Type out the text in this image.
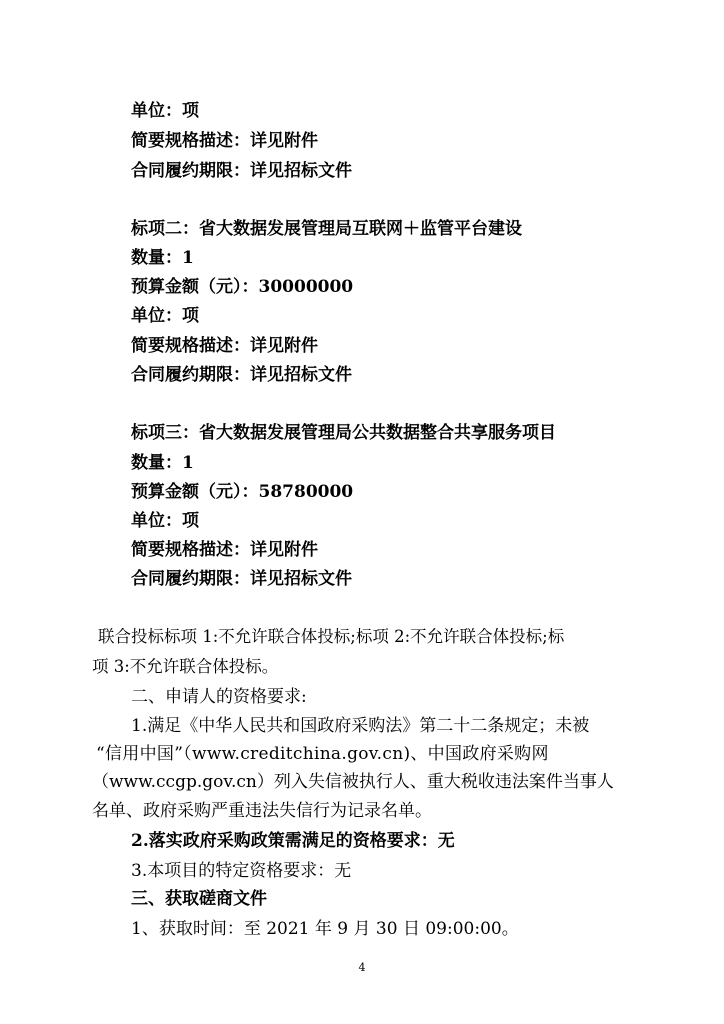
单位：项
简要规格描述：详见附件
合同履约期限：详见招标文件
标项二：省大数据发展管理局互联网＋监管平台建设
数量：1
预算金额（元）：30000000
单位：项
简要规格描述：详见附件
合同履约期限：详见招标文件
标项三：省大数据发展管理局公共数据整合共享服务项目
数量：1
预算金额（元）：58780000
单位：项
简要规格描述：详见附件
合同履约期限：详见招标文件
联合投标标项 1:不允许联合体投标;标项 2:不允许联合体投标;标
项 3:不允许联合体投标。
二、申请人的资格要求:
1.满足《中华人民共和国政府采购法》第二十二条规定；未被
“信用中国”（www.creditchina.gov.cn)、中国政府采购网
（www.ccgp.gov.cn）列入失信被执行人、重大税收违法案件当事人
名单、政府采购严重违法失信行为记录名单。
2.落实政府采购政策需满足的资格要求：无
3.本项目的特定资格要求：无
三、获取磋商文件
1、获取时间：至 2021 年 9 月 30 日 09:00:00。
4
